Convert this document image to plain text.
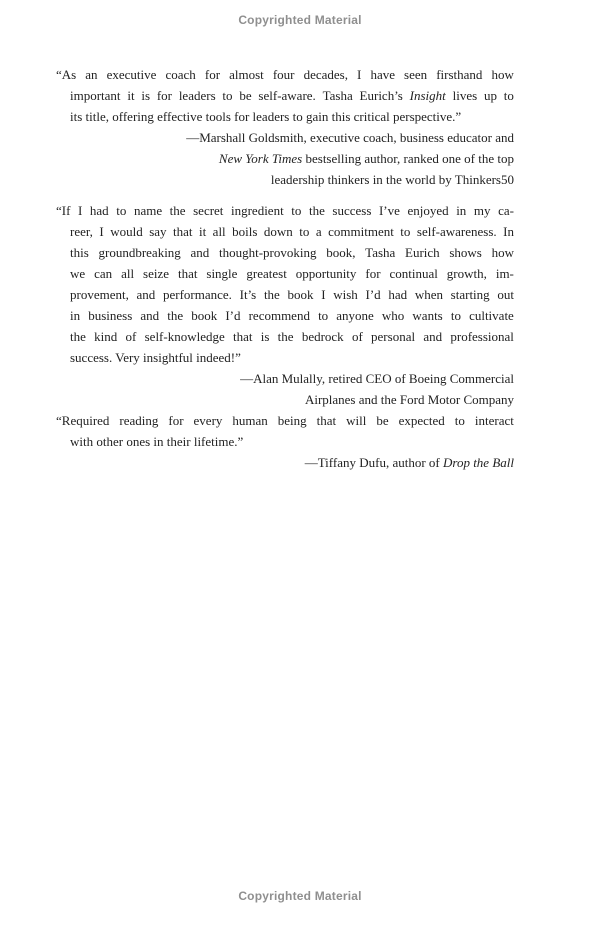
Copyrighted Material
“As an executive coach for almost four decades, I have seen firsthand how
important it is for leaders to be self-aware. Tasha Eurich’s Insight lives up to
its title, offering effective tools for leaders to gain this critical perspective.”
—Marshall Goldsmith, executive coach, business educator and
New York Times bestselling author, ranked one of the top
leadership thinkers in the world by Thinkers50
“If I had to name the secret ingredient to the success I’ve enjoyed in my ca-
reer, I would say that it all boils down to a commitment to self-awareness. In
this groundbreaking and thought-provoking book, Tasha Eurich shows how
we can all seize that single greatest opportunity for continual growth, im-
provement, and performance. It’s the book I wish I’d had when starting out
in business and the book I’d recommend to anyone who wants to cultivate
the kind of self-knowledge that is the bedrock of personal and professional
success. Very insightful indeed!”
—Alan Mulally, retired CEO of Boeing Commercial
Airplanes and the Ford Motor Company
“Required reading for every human being that will be expected to interact
with other ones in their lifetime.”
—Tiffany Dufu, author of Drop the Ball
Copyrighted Material
